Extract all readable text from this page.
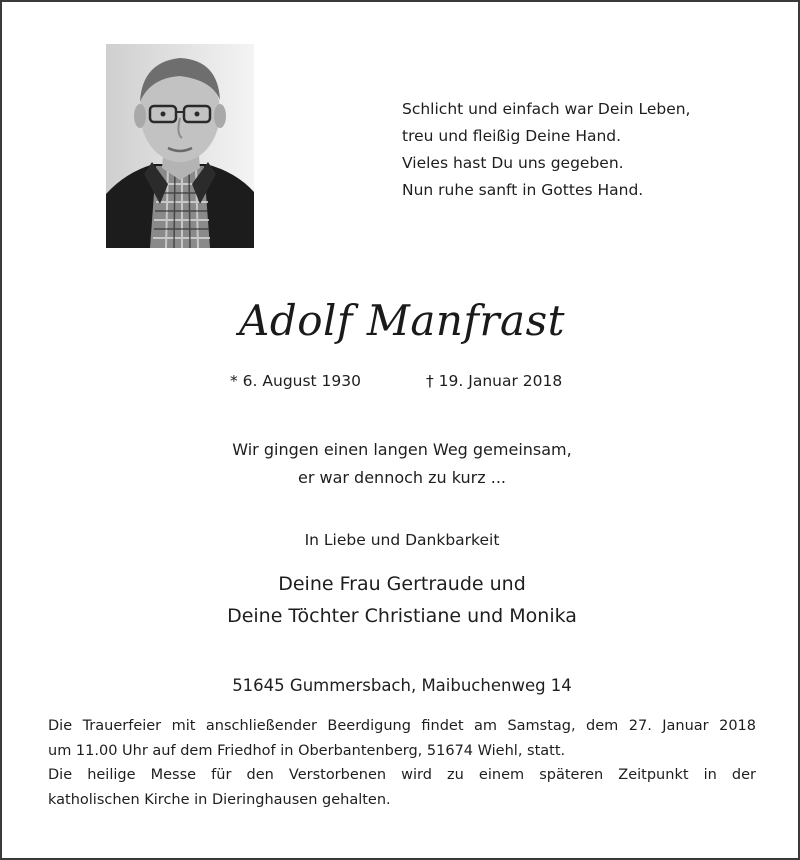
Schlicht und einfach war Dein Leben,
treu und fleißig Deine Hand.
Vieles hast Du uns gegeben.
Nun ruhe sanft in Gottes Hand.
Adolf Manfrast
* 6. August 1930	† 19. Januar 2018
Wir gingen einen langen Weg gemeinsam,
er war dennoch zu kurz ...
In Liebe und Dankbarkeit
Deine Frau Gertraude und
Deine Töchter Christiane und Monika
51645 Gummersbach, Maibuchenweg 14
Die Trauerfeier mit anschließender Beerdigung findet am Samstag, dem 27. Januar 2018
um 11.00 Uhr auf dem Friedhof in Oberbantenberg, 51674 Wiehl, statt.
Die heilige Messe für den Verstorbenen wird zu einem späteren Zeitpunkt in der
katholischen Kirche in Dieringhausen gehalten.
